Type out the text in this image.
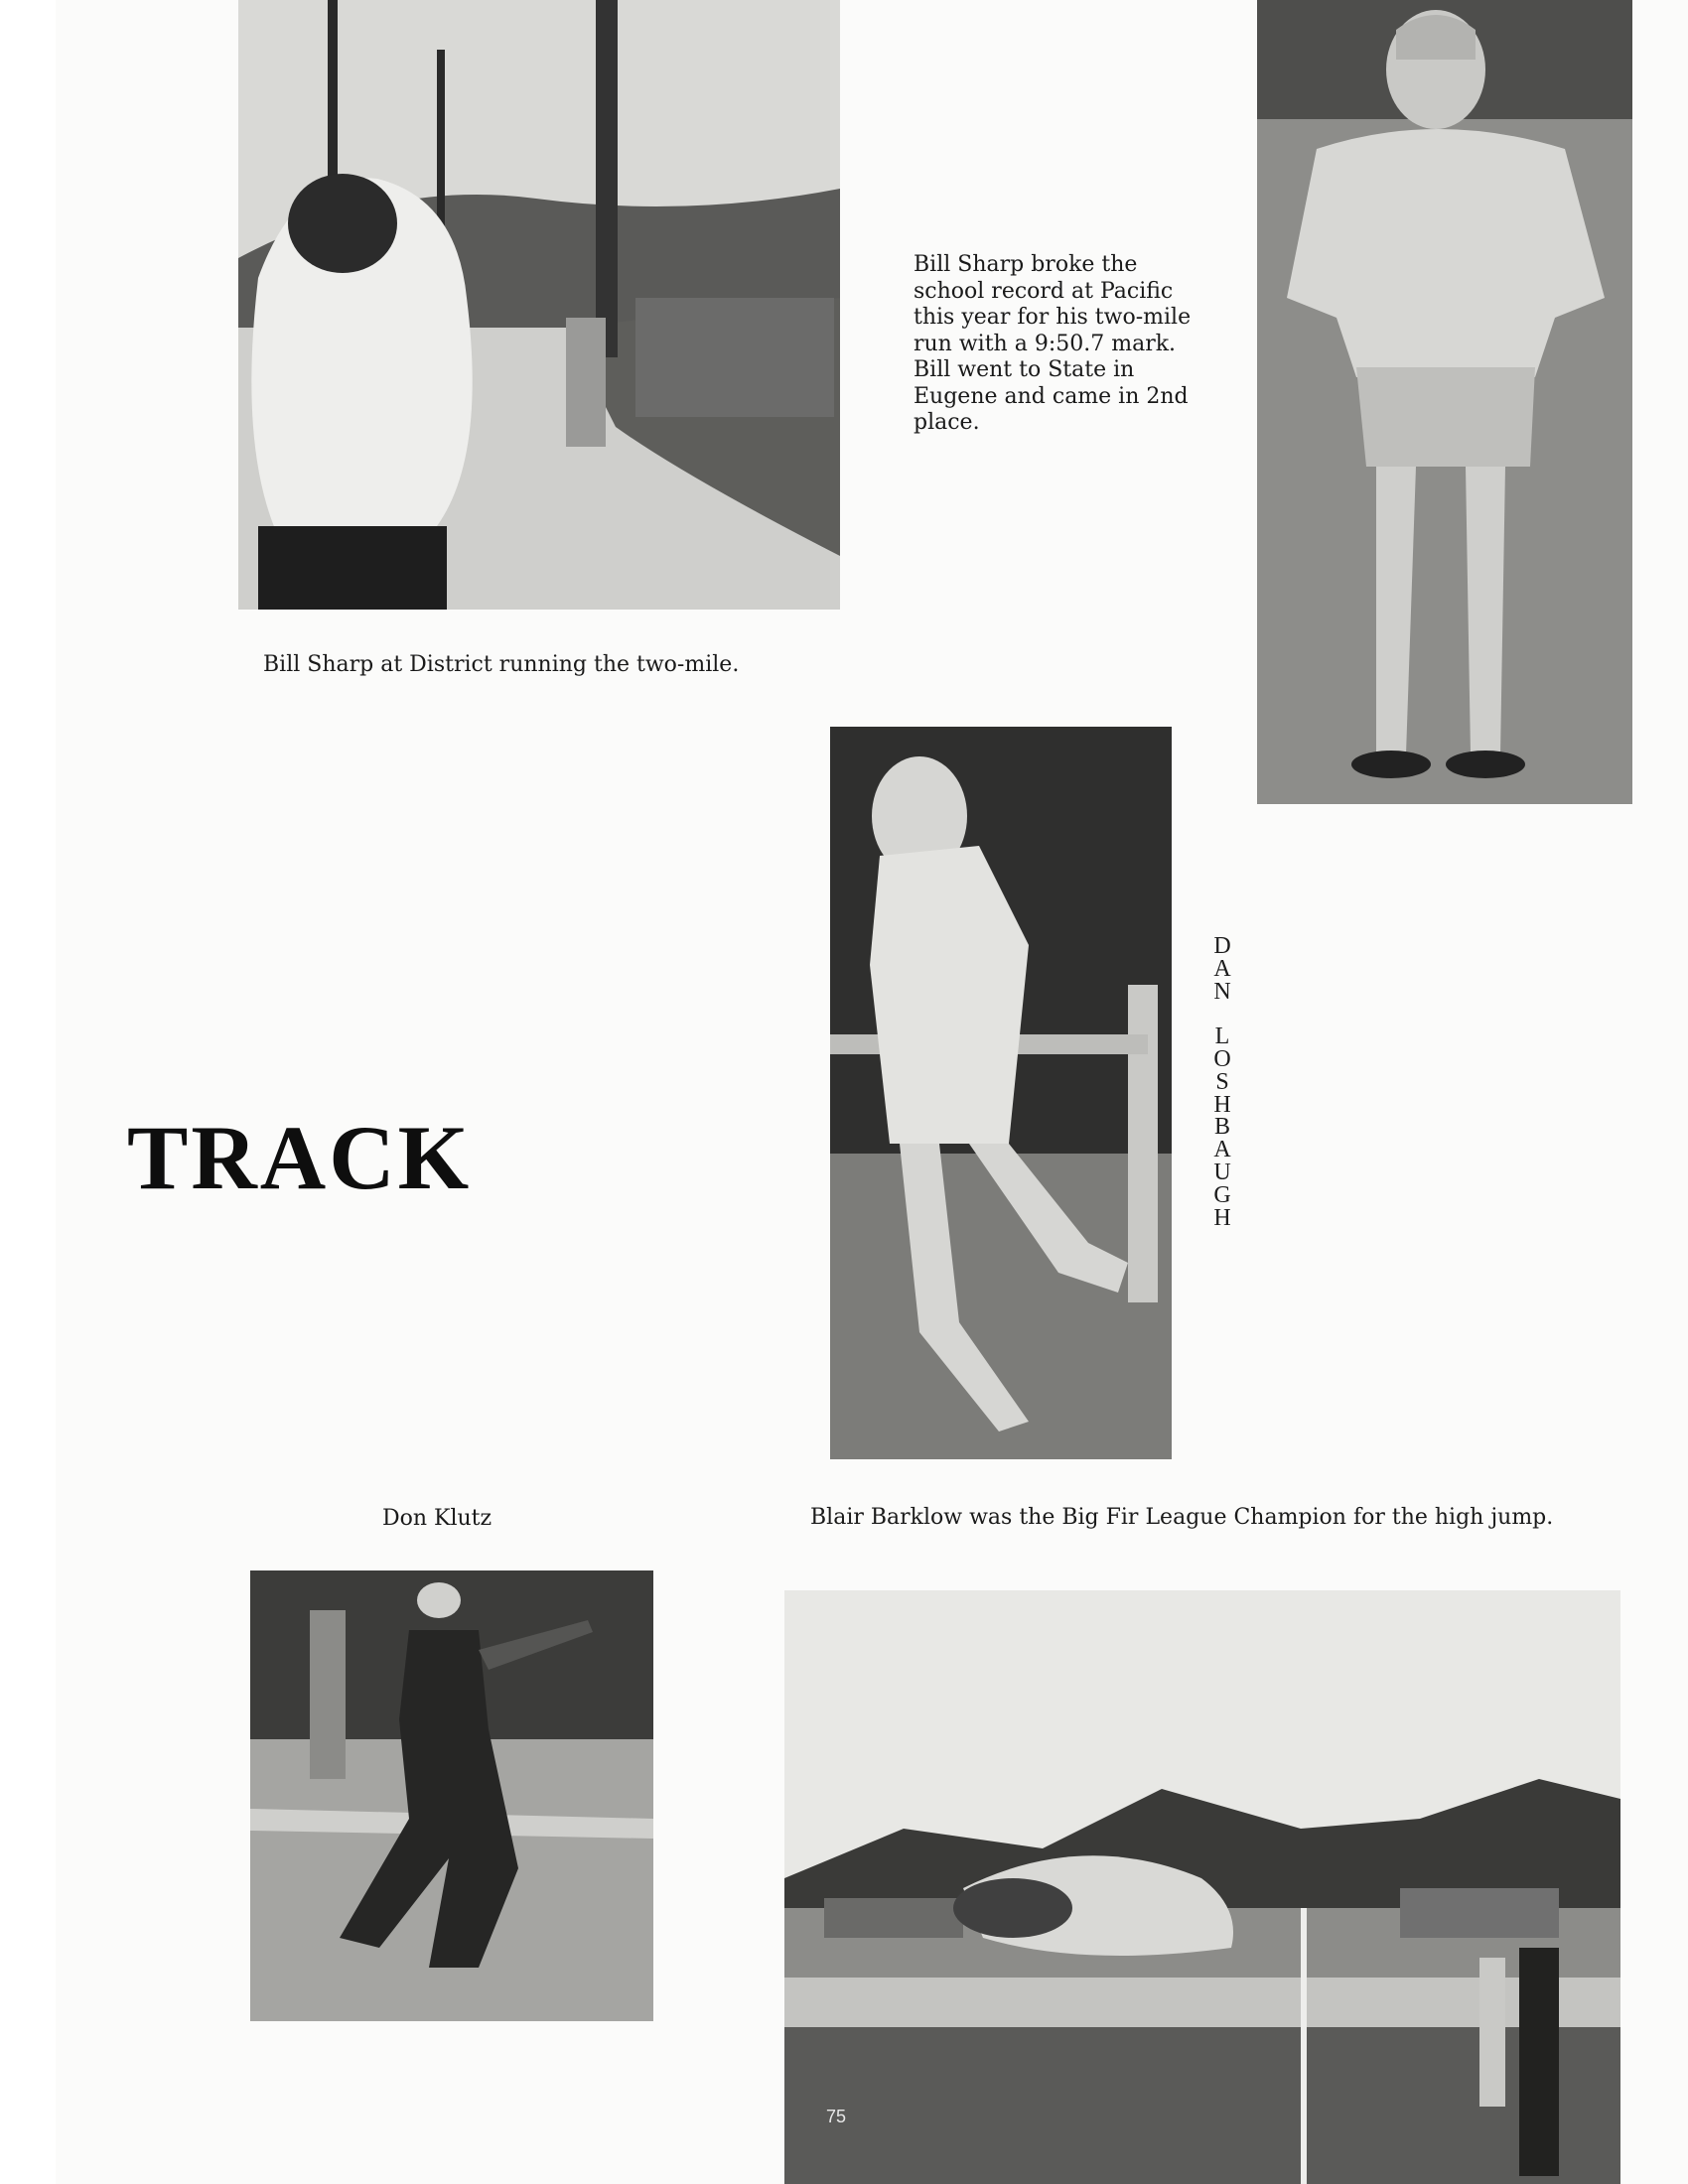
Bill Sharp at District running the two-mile.
Bill Sharp broke the school record at Pacific this year for his two-mile run with a 9:50.7 mark. Bill went to State in Eugene and came in 2nd place.
TRACK
D
A
N

L
O
S
H
B
A
U
G
H
Don Klutz	Blair Barklow was the Big Fir League Champion for the high jump.
75
